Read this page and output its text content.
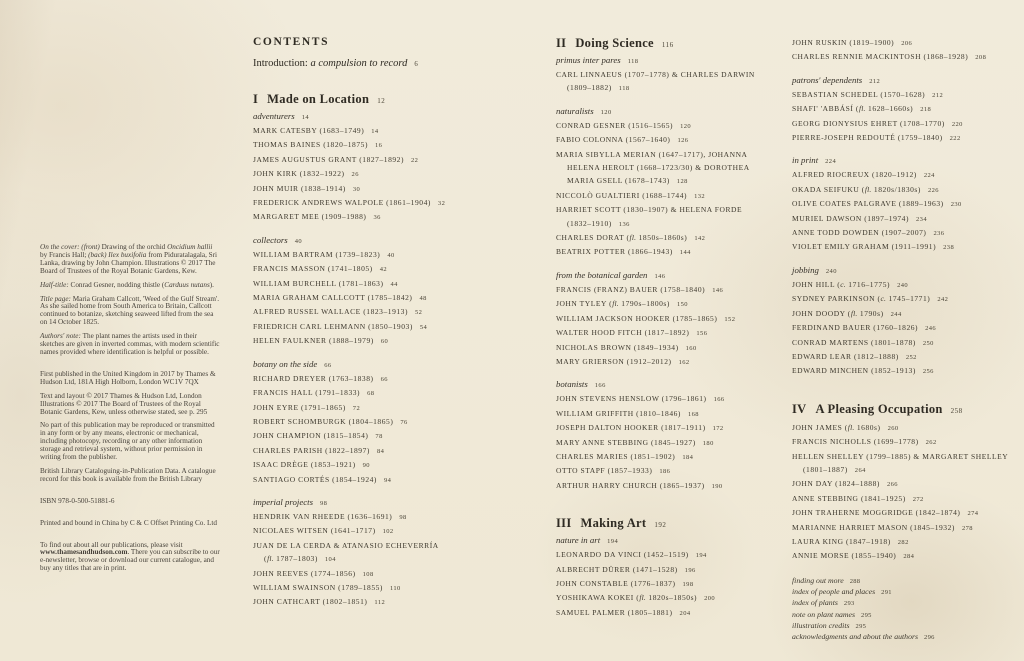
On the cover: (front) Drawing of the orchid Oncidium hallii by Francis Hall; (back) Ilex buxifolia from Piduratalagala, Sri Lanka, drawing by John Champion. Illustrations © 2017 The Board of Trustees of the Royal Botanic Gardens, Kew.

Half-title: Conrad Gesner, nodding thistle (Carduus nutans).

Title page: Maria Graham Callcott, 'Weed of the Gulf Stream'. As she sailed home from South America to Britain, Callcott continued to botanize, sketching seaweed lifted from the sea on 14 October 1825.

Authors' note: The plant names the artists used in their sketches are given in inverted commas, with modern scientific names provided where identification is helpful or possible.

First published in the United Kingdom in 2017 by Thames & Hudson Ltd, 181A High Holborn, London WC1V 7QX

Text and layout © 2017 Thames & Hudson Ltd, London Illustrations © 2017 The Board of Trustees of the Royal Botanic Gardens, Kew, unless otherwise stated, see p. 295

No part of this publication may be reproduced or transmitted in any form or by any means, electronic or mechanical, including photocopy, recording or any other information storage and retrieval system, without prior permission in writing from the publisher.

British Library Cataloguing-in-Publication Data. A catalogue record for this book is available from the British Library

ISBN 978-0-500-51881-6

Printed and bound in China by C & C Offset Printing Co. Ltd

To find out about all our publications, please visit www.thamesandhudson.com. There you can subscribe to our e-newsletter, browse or download our current catalogue, and buy any titles that are in print.

CONTENTS
Introduction: a compulsion to record 6
I Made on Location 12
adventurers 14
MARK CATESBY (1683–1749) 14
THOMAS BAINES (1820–1875) 16
JAMES AUGUSTUS GRANT (1827–1892) 22
JOHN KIRK (1832–1922) 26
JOHN MUIR (1838–1914) 30
FREDERICK ANDREWS WALPOLE (1861–1904) 32
MARGARET MEE (1909–1988) 36
collectors 40
WILLIAM BARTRAM (1739–1823) 40
FRANCIS MASSON (1741–1805) 42
WILLIAM BURCHELL (1781–1863) 44
MARIA GRAHAM CALLCOTT (1785–1842) 48
ALFRED RUSSEL WALLACE (1823–1913) 52
FRIEDRICH CARL LEHMANN (1850–1903) 54
HELEN FAULKNER (1888–1979) 60
botany on the side 66
RICHARD DREYER (1763–1838) 66
FRANCIS HALL (1791–1833) 68
JOHN EYRE (1791–1865) 72
ROBERT SCHOMBURGK (1804–1865) 76
JOHN CHAMPION (1815–1854) 78
CHARLES PARISH (1822–1897) 84
ISAAC DRÈGE (1853–1921) 90
SANTIAGO CORTÉS (1854–1924) 94
imperial projects 98
HENDRIK VAN RHEEDE (1636–1691) 98
NICOLAES WITSEN (1641–1717) 102
JUAN DE LA CERDA & ATANASIO ECHEVERRÍA
(fl. 1787–1803) 104
JOHN REEVES (1774–1856) 108
WILLIAM SWAINSON (1789–1855) 110
JOHN CATHCART (1802–1851) 112
II Doing Science 116
primus inter pares 118
CARL LINNAEUS (1707–1778) & CHARLES DARWIN
(1809–1882) 118
naturalists 120
CONRAD GESNER (1516–1565) 120
FABIO COLONNA (1567–1640) 126
MARIA SIBYLLA MERIAN (1647–1717), JOHANNA
HELENA HEROLT (1668–1723/30) & DOROTHEA
MARIA GSELL (1678–1743) 128
NICCOLÒ GUALTIERI (1688–1744) 132
HARRIET SCOTT (1830–1907) & HELENA FORDE
(1832–1910) 136
CHARLES DORAT (fl. 1850s–1860s) 142
BEATRIX POTTER (1866–1943) 144
from the botanical garden 146
FRANCIS (FRANZ) BAUER (1758–1840) 146
JOHN TYLEY (fl. 1790s–1800s) 150
WILLIAM JACKSON HOOKER (1785–1865) 152
WALTER HOOD FITCH (1817–1892) 156
NICHOLAS BROWN (1849–1934) 160
MARY GRIERSON (1912–2012) 162
botanists 166
JOHN STEVENS HENSLOW (1796–1861) 166
WILLIAM GRIFFITH (1810–1846) 168
JOSEPH DALTON HOOKER (1817–1911) 172
MARY ANNE STEBBING (1845–1927) 180
CHARLES MARIES (1851–1902) 184
OTTO STAPF (1857–1933) 186
ARTHUR HARRY CHURCH (1865–1937) 190
III Making Art 192
nature in art 194
LEONARDO DA VINCI (1452–1519) 194
ALBRECHT DÜRER (1471–1528) 196
JOHN CONSTABLE (1776–1837) 198
YOSHIKAWA KOKEI (fl. 1820s–1850s) 200
SAMUEL PALMER (1805–1881) 204
JOHN RUSKIN (1819–1900) 206
CHARLES RENNIE MACKINTOSH (1868–1928) 208
patrons' dependents 212
SEBASTIAN SCHEDEL (1570–1628) 212
SHAFI' 'ABBÁSÍ (fl. 1628–1660s) 218
GEORG DIONYSIUS EHRET (1708–1770) 220
PIERRE-JOSEPH REDOUTÉ (1759–1840) 222
in print 224
ALFRED RIOCREUX (1820–1912) 224
OKADA SEIFUKU (fl. 1820s/1830s) 226
OLIVE COATES PALGRAVE (1889–1963) 230
MURIEL DAWSON (1897–1974) 234
ANNE TODD DOWDEN (1907–2007) 236
VIOLET EMILY GRAHAM (1911–1991) 238
jobbing 240
JOHN HILL (c. 1716–1775) 240
SYDNEY PARKINSON (c. 1745–1771) 242
JOHN DOODY (fl. 1790s) 244
FERDINAND BAUER (1760–1826) 246
CONRAD MARTENS (1801–1878) 250
EDWARD LEAR (1812–1888) 252
EDWARD MINCHEN (1852–1913) 256
IV A Pleasing Occupation 258
JOHN JAMES (fl. 1680s) 260
FRANCIS NICHOLLS (1699–1778) 262
HELLEN SHELLEY (1799–1885) & MARGARET SHELLEY
(1801–1887) 264
JOHN DAY (1824–1888) 266
ANNE STEBBING (1841–1925) 272
JOHN TRAHERNE MOGGRIDGE (1842–1874) 274
MARIANNE HARRIET MASON (1845–1932) 278
LAURA KING (1847–1918) 282
ANNIE MORSE (1855–1940) 284
finding out more 288
index of people and places 291
index of plants 293
note on plant names 295
illustration credits 295
acknowledgments and about the authors 296
